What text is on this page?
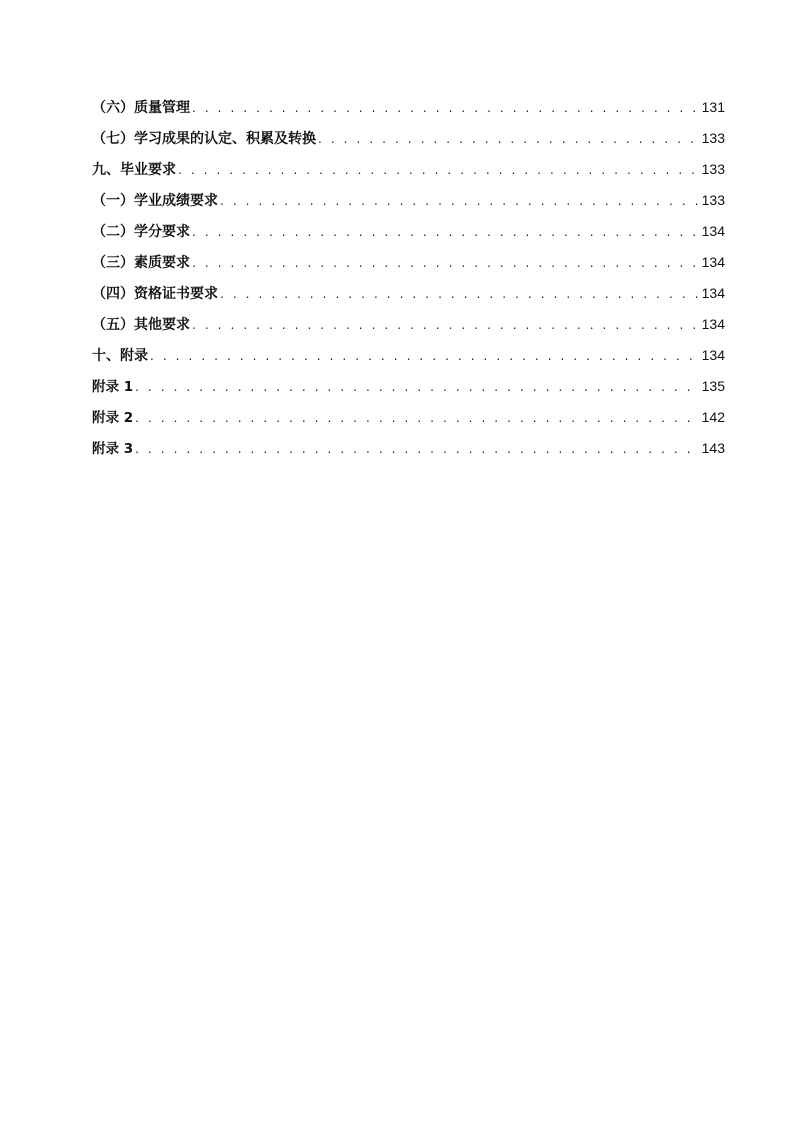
（六）质量管理 . . .	131
（七）学习成果的认定、积累及转换 . . .	133
九、毕业要求 . . .	133
（一）学业成绩要求 . . .	133
（二）学分要求 . . .	134
（三）素质要求 . . .	134
（四）资格证书要求 . . .	134
（五）其他要求 . . .	134
十、附录 . . .	134
附录 1 . . .	135
附录 2 . . .	142
附录 3 . . .	143
